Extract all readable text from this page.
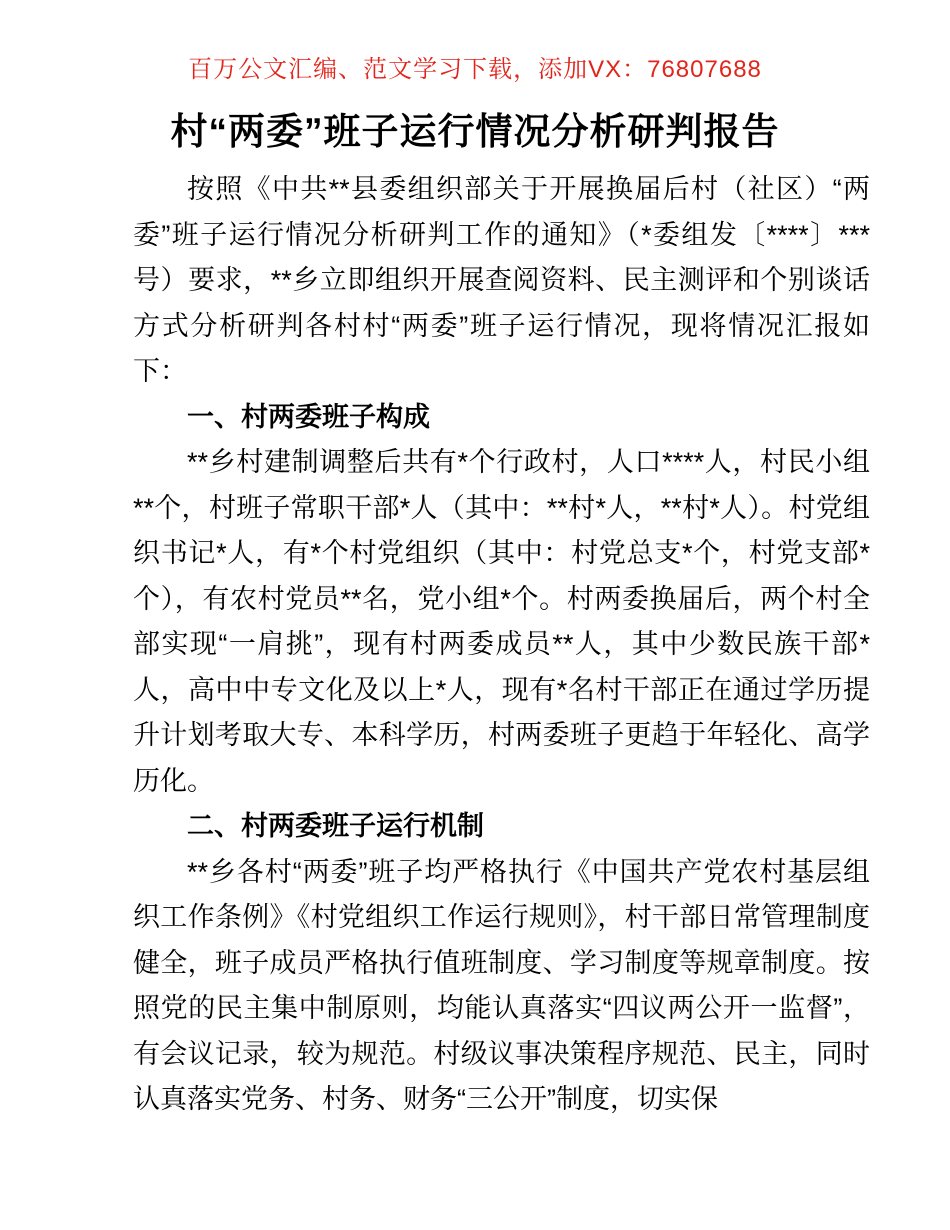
百万公文汇编、范文学习下载，添加VX：76807688

村“两委”班子运行情况分析研判报告

按照《中共**县委组织部关于开展换届后村（社区）“两委”班子运行情况分析研判工作的通知》（*委组发〔****〕***号）要求，**乡立即组织开展查阅资料、民主测评和个别谈话方式分析研判各村村“两委”班子运行情况，现将情况汇报如下：

一、村两委班子构成

**乡村建制调整后共有*个行政村，人口****人，村民小组**个，村班子常职干部*人（其中：**村*人，**村*人）。村党组织书记*人，有*个村党组织（其中：村党总支*个，村党支部*个），有农村党员**名，党小组*个。村两委换届后，两个村全部实现“一肩挑”，现有村两委成员**人，其中少数民族干部*人，高中中专文化及以上*人，现有*名村干部正在通过学历提升计划考取大专、本科学历，村两委班子更趋于年轻化、高学历化。

二、村两委班子运行机制

**乡各村“两委”班子均严格执行《中国共产党农村基层组织工作条例》《村党组织工作运行规则》，村干部日常管理制度健全，班子成员严格执行值班制度、学习制度等规章制度。按照党的民主集中制原则，均能认真落实“四议两公开一监督”，有会议记录，较为规范。村级议事决策程序规范、民主，同时认真落实党务、村务、财务“三公开”制度，切实保
